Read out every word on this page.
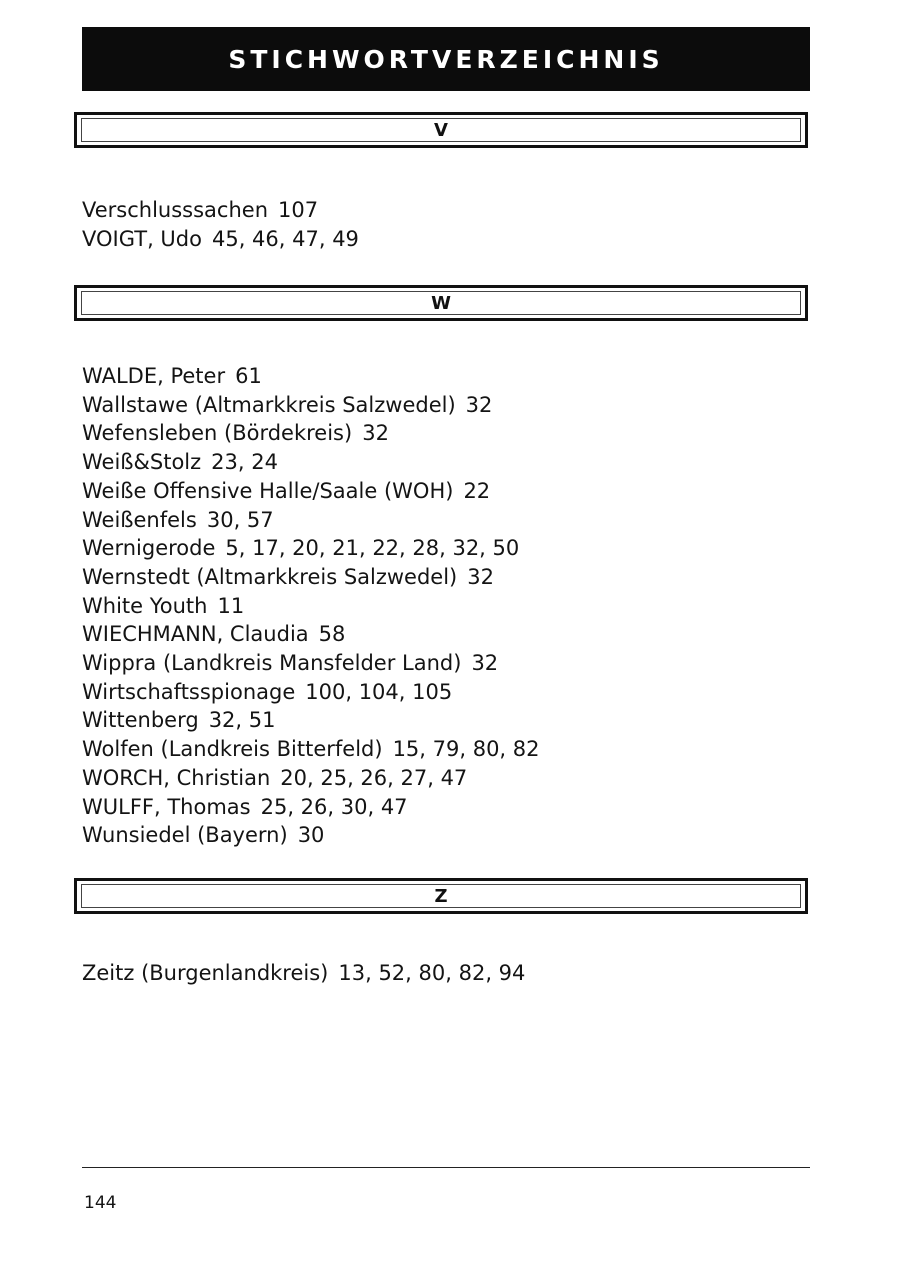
STICHWORTVERZEICHNIS
V
Verschlusssachen 107
VOIGT, Udo 45, 46, 47, 49
W
WALDE, Peter 61
Wallstawe (Altmarkkreis Salzwedel) 32
Wefensleben (Bördekreis) 32
Weiß&Stolz 23, 24
Weiße Offensive Halle/Saale (WOH) 22
Weißenfels 30, 57
Wernigerode 5, 17, 20, 21, 22, 28, 32, 50
Wernstedt (Altmarkkreis Salzwedel) 32
White Youth 11
WIECHMANN, Claudia 58
Wippra (Landkreis Mansfelder Land) 32
Wirtschaftsspionage 100, 104, 105
Wittenberg 32, 51
Wolfen (Landkreis Bitterfeld) 15, 79, 80, 82
WORCH, Christian 20, 25, 26, 27, 47
WULFF, Thomas 25, 26, 30, 47
Wunsiedel (Bayern) 30
Z
Zeitz (Burgenlandkreis) 13, 52, 80, 82, 94
144
